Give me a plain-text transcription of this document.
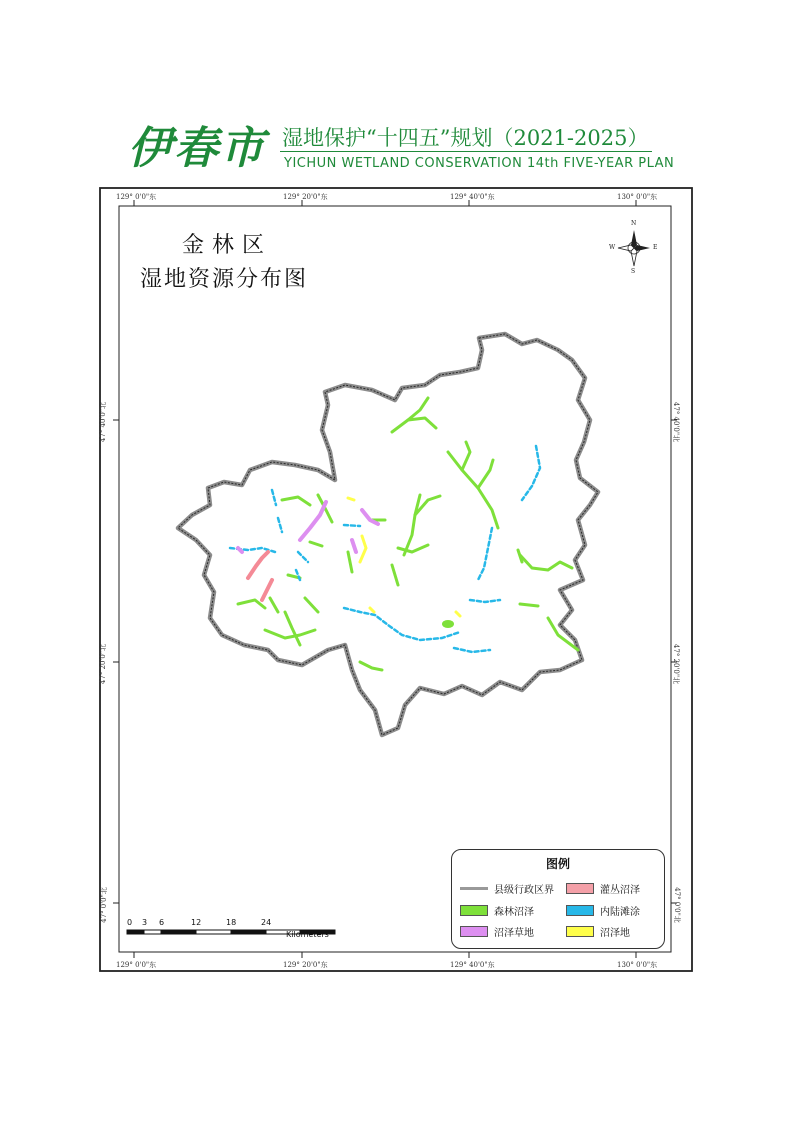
伊春市 湿地保护“十四五”规划（2021-2025）
YICHUN WETLAND CONSERVATION 14th FIVE-YEAR PLAN
129° 0'0"东	129° 20'0"东	129° 40'0"东	130° 0'0"东
129° 0'0"东	129° 20'0"东	129° 40'0"东	130° 0'0"东
47° 40'0"北
47° 20'0"北
47° 0'0"北
47° 40'0"北
47° 20'0"北
47° 0'0"北
金林区
湿地资源分布图
N
S
W	E
0 3 6	12	18	24
Kilometers
图例
县级行政区界	灌丛沼泽
森林沼泽	内陆滩涂
沼泽草地	沼泽地
